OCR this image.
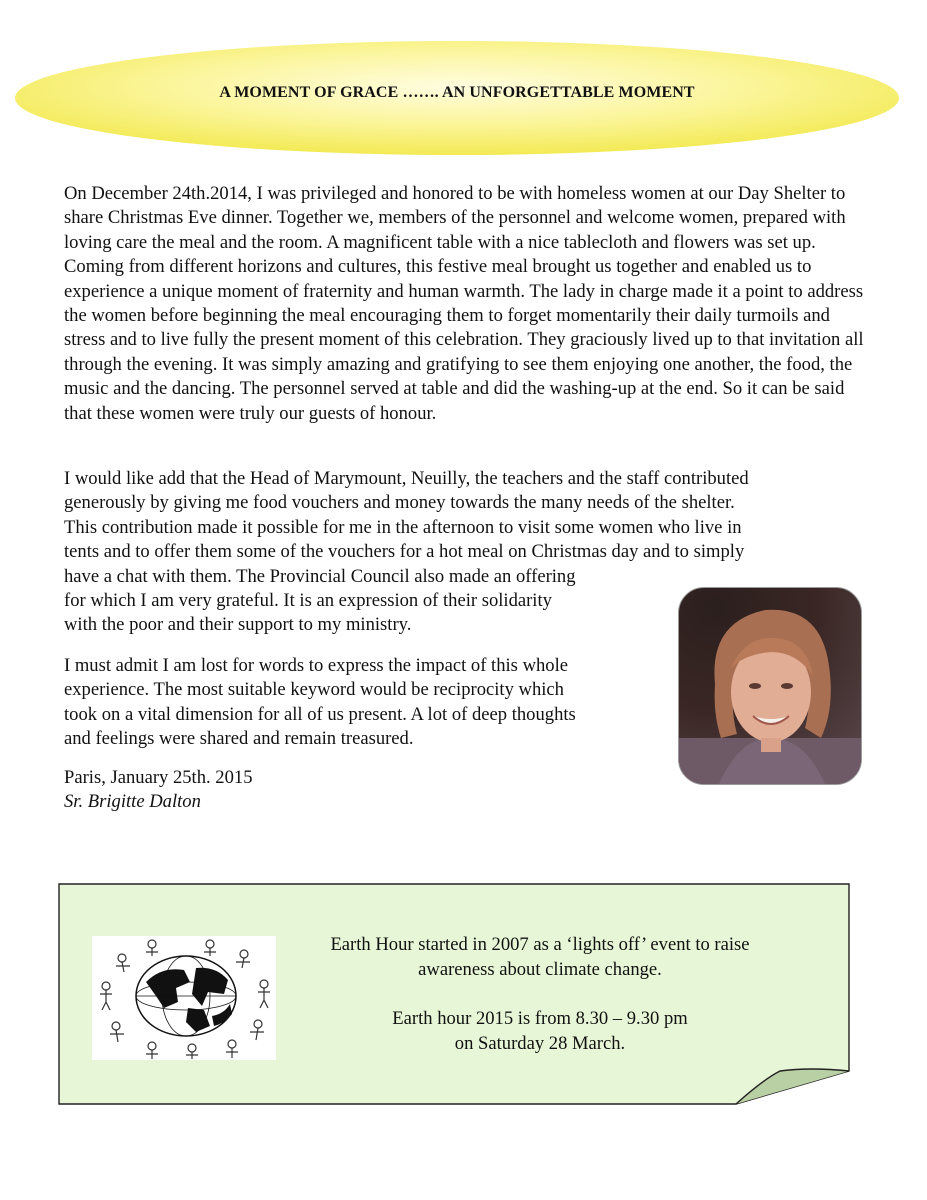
A MOMENT OF GRACE ……. AN UNFORGETTABLE MOMENT

On December 24th.2014, I was privileged and honored to be with homeless women at our Day Shelter to share Christmas Eve dinner. Together we, members of the personnel and welcome women, prepared with loving care the meal and the room. A magnificent table with a nice tablecloth and flowers was set up. Coming from different horizons and cultures, this festive meal brought us together and enabled us to experience a unique moment of fraternity and human warmth. The lady in charge made it a point to address the women before beginning the meal encouraging them to forget momentarily their daily turmoils and stress and to live fully the present moment of this celebration. They graciously lived up to that invitation all through the evening. It was simply amazing and gratifying to see them enjoying one another, the food, the music and the dancing. The personnel served at table and did the washing-up at the end. So it can be said that these women were truly our guests of honour.

I would like add that the Head of Marymount, Neuilly, the teachers and the staff contributed
generously by giving me food vouchers and money towards the many needs of the shelter.
This contribution made it possible for me in the afternoon to visit some women who live in
tents and to offer them some of the vouchers for a hot meal on Christmas day and to simply
have a chat with them. The Provincial Council also made an offering
for which I am very grateful. It is an expression of their solidarity
with the poor and their support to my ministry.
I must admit I am lost for words to express the impact of this whole
experience. The most suitable keyword would be reciprocity which
took on a vital dimension for all of us present. A lot of deep thoughts
and feelings were shared and remain treasured.
Paris, January 25th. 2015
Sr. Brigitte Dalton
Earth Hour started in 2007 as a ‘lights off’ event to raise
awareness about climate change.
Earth hour 2015 is from 8.30 – 9.30 pm
on Saturday 28 March.
